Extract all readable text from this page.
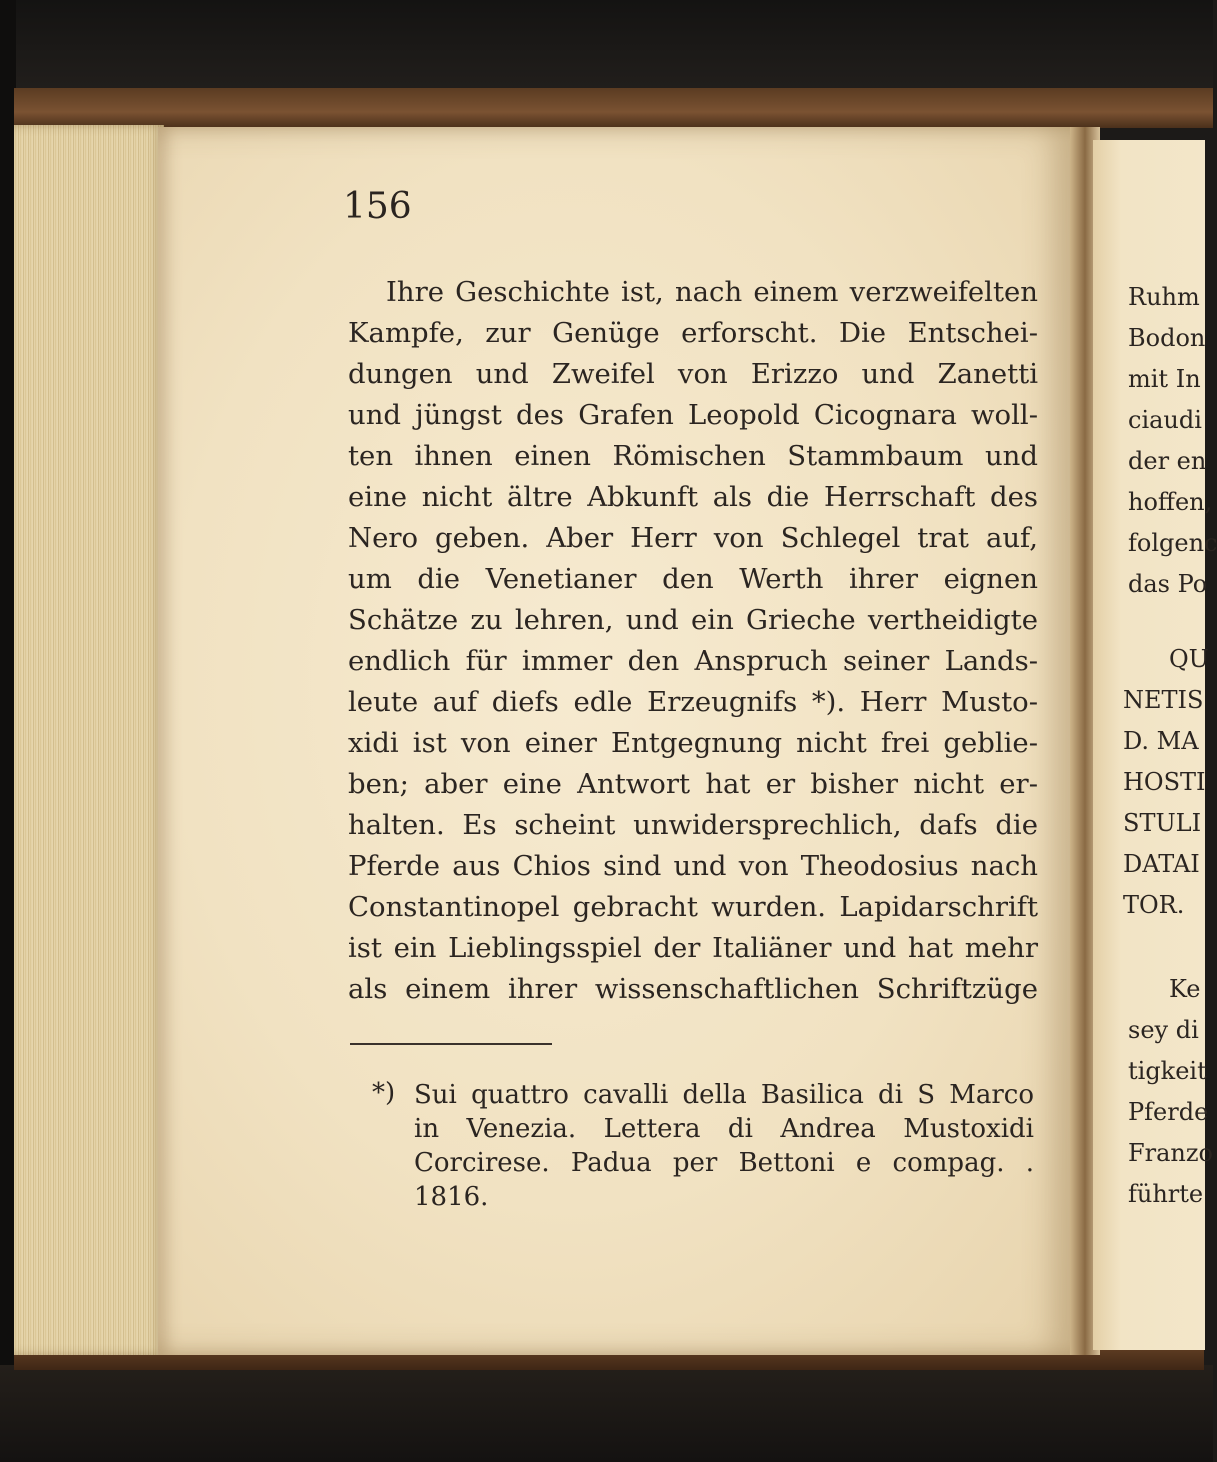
Ruhm
Bodon
mit In
ciaudi
der en
hoffen,
folgenc
das Po
QU
NETIS
D. MA
HOSTI
STULI
DATAI
TOR.
Ke
sey di
tigkeit
Pferde
Franzo
führte
156
Ihre Geschichte ist, nach einem verzweifelten
Kampfe, zur Genüge erforscht. Die Entschei-
dungen und Zweifel von Erizzo und Zanetti
und jüngst des Grafen Leopold Cicognara woll-
ten ihnen einen Römischen Stammbaum und
eine nicht ältre Abkunft als die Herrschaft des
Nero geben. Aber Herr von Schlegel trat auf,
um die Venetianer den Werth ihrer eignen
Schätze zu lehren, und ein Grieche vertheidigte
endlich für immer den Anspruch seiner Lands-
leute auf diefs edle Erzeugnifs *). Herr Musto-
xidi ist von einer Entgegnung nicht frei geblie-
ben; aber eine Antwort hat er bisher nicht er-
halten. Es scheint unwidersprechlich, dafs die
Pferde aus Chios sind und von Theodosius nach
Constantinopel gebracht wurden. Lapidarschrift
ist ein Lieblingsspiel der Italiäner und hat mehr
als einem ihrer wissenschaftlichen Schriftzüge
*) Sui quattro cavalli della Basilica di S Marco
in Venezia. Lettera di Andrea Mustoxidi
Corcirese. Padua per Bettoni e compag. .
1816.
